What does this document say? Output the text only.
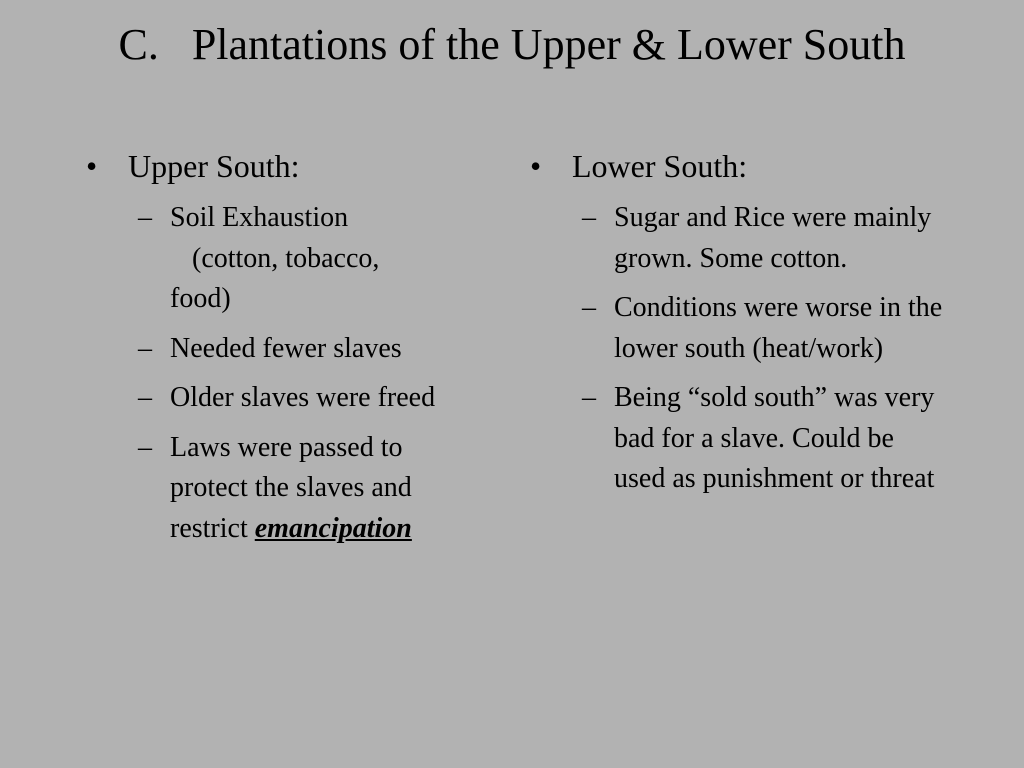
C.   Plantations of the Upper & Lower South
• Upper South:
– Soil Exhaustion
(cotton, tobacco,
food)
– Needed fewer slaves
– Older slaves were freed
– Laws were passed to protect the slaves and restrict emancipation
• Lower South:
– Sugar and Rice were mainly grown. Some cotton.
– Conditions were worse in the lower south (heat/work)
– Being “sold south” was very bad for a slave. Could be used as punishment or threat
